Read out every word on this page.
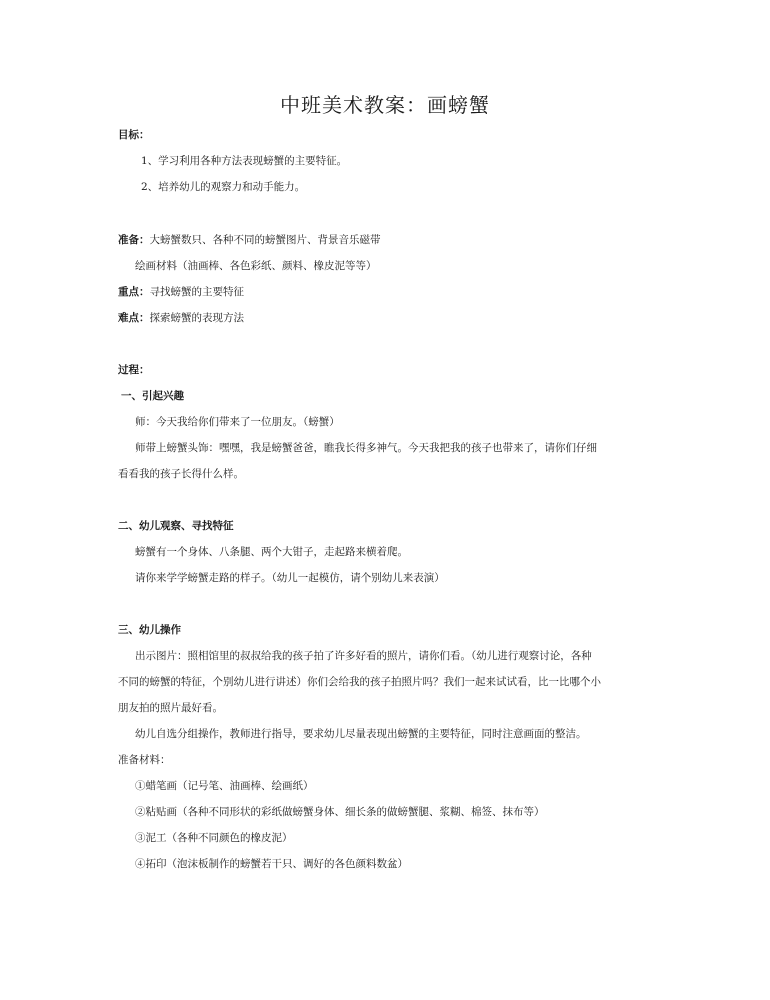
中班美术教案：画螃蟹
目标：
1、学习利用各种方法表现螃蟹的主要特征。
2、培养幼儿的观察力和动手能力。
准备：大螃蟹数只、各种不同的螃蟹图片、背景音乐磁带
绘画材料（油画棒、各色彩纸、颜料、橡皮泥等等）
重点：寻找螃蟹的主要特征
难点：探索螃蟹的表现方法
过程：
一、引起兴趣
师：今天我给你们带来了一位朋友。（螃蟹）
师带上螃蟹头饰：嘿嘿，我是螃蟹爸爸，瞧我长得多神气。今天我把我的孩子也带来了，请你们仔细
看看我的孩子长得什么样。
二、幼儿观察、寻找特征
螃蟹有一个身体、八条腿、两个大钳子，走起路来横着爬。
请你来学学螃蟹走路的样子。（幼儿一起模仿，请个别幼儿来表演）
三、幼儿操作
出示图片：照相馆里的叔叔给我的孩子拍了许多好看的照片，请你们看。（幼儿进行观察讨论，各种
不同的螃蟹的特征，个别幼儿进行讲述）你们会给我的孩子拍照片吗？我们一起来试试看，比一比哪个小
朋友拍的照片最好看。
幼儿自选分组操作，教师进行指导，要求幼儿尽量表现出螃蟹的主要特征，同时注意画面的整洁。
准备材料：
①蜡笔画（记号笔、油画棒、绘画纸）
②粘贴画（各种不同形状的彩纸做螃蟹身体、细长条的做螃蟹腿、浆糊、棉签、抹布等）
③泥工（各种不同颜色的橡皮泥）
④拓印（泡沫板制作的螃蟹若干只、调好的各色颜料数盆）
